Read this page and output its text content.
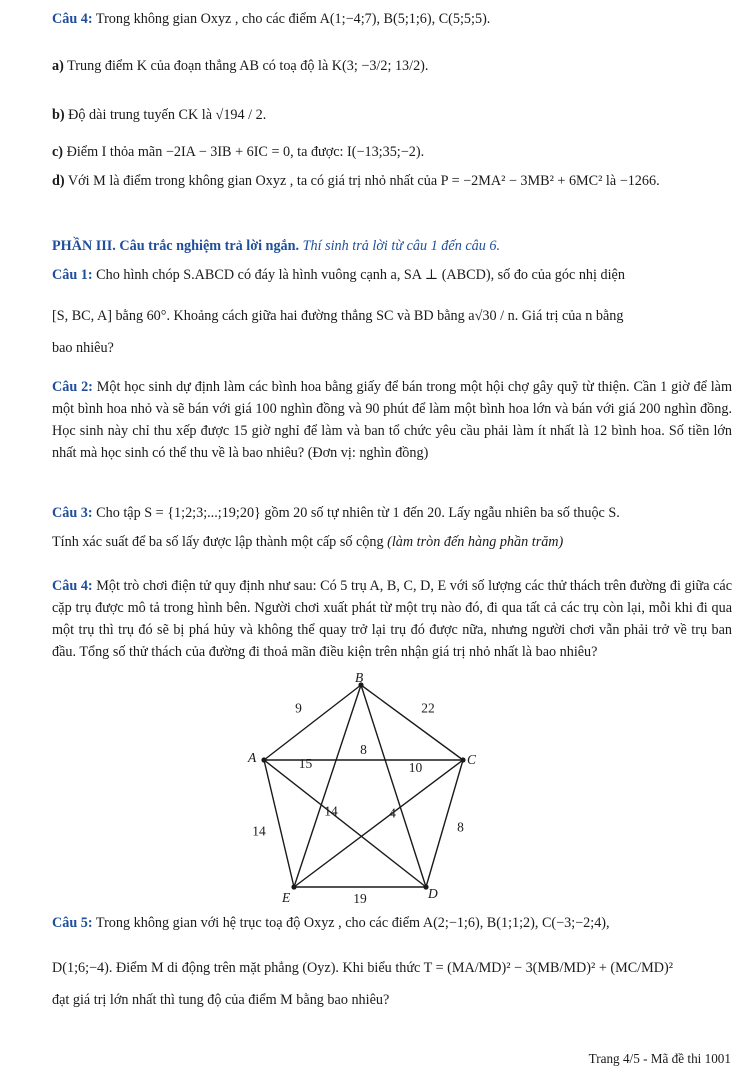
Câu 4: Trong không gian Oxyz , cho các điểm A(1;−4;7), B(5;1;6), C(5;5;5).

a) Trung điểm K của đoạn thẳng AB có toạ độ là K(3; −3/2; 13/2).

b) Độ dài trung tuyến CK là √194 / 2.

c) Điểm I thỏa mãn −2IA − 3IB + 6IC = 0, ta được: I(−13;35;−2).

d) Với M là điểm trong không gian Oxyz , ta có giá trị nhỏ nhất của P = −2MA² − 3MB² + 6MC² là −1266.

PHẦN III. Câu trắc nghiệm trả lời ngắn. Thí sinh trả lời từ câu 1 đến câu 6.

Câu 1: Cho hình chóp S.ABCD có đáy là hình vuông cạnh a, SA ⊥ (ABCD), số đo của góc nhị diện

[S, BC, A] bằng 60°. Khoảng cách giữa hai đường thẳng SC và BD bằng a√30 / n. Giá trị của n bằng

bao nhiêu?

Câu 2: Một học sinh dự định làm các bình hoa bằng giấy để bán trong một hội chợ gây quỹ từ thiện. Cần 1 giờ để làm một bình hoa nhỏ và sẽ bán với giá 100 nghìn đồng và 90 phút để làm một bình hoa lớn và bán với giá 200 nghìn đồng. Học sinh này chỉ thu xếp được 15 giờ nghỉ để làm và ban tổ chức yêu cầu phải làm ít nhất là 12 bình hoa. Số tiền lớn nhất mà học sinh có thể thu về là bao nhiêu? (Đơn vị: nghìn đồng)

Câu 3: Cho tập S = {1;2;3;...;19;20} gồm 20 số tự nhiên từ 1 đến 20. Lấy ngẫu nhiên ba số thuộc S.

Tính xác suất để ba số lấy được lập thành một cấp số cộng (làm tròn đến hàng phần trăm)

Câu 4: Một trò chơi điện tử quy định như sau: Có 5 trụ A, B, C, D, E với số lượng các thử thách trên đường đi giữa các cặp trụ được mô tả trong hình bên. Người chơi xuất phát từ một trụ nào đó, đi qua tất cả các trụ còn lại, mỗi khi đi qua một trụ thì trụ đó sẽ bị phá hủy và không thể quay trở lại trụ đó được nữa, nhưng người chơi vẫn phải trở về trụ ban đầu. Tổng số thử thách của đường đi thoả mãn điều kiện trên nhận giá trị nhỏ nhất là bao nhiêu?

9	22
8
14	8
19
15	10
14	4
A
B
C
D
E

Câu 5: Trong không gian với hệ trục toạ độ Oxyz , cho các điểm A(2;−1;6), B(1;1;2), C(−3;−2;4),

D(1;6;−4). Điểm M di động trên mặt phẳng (Oyz). Khi biểu thức T = (MA/MD)² − 3(MB/MD)² + (MC/MD)²

đạt giá trị lớn nhất thì tung độ của điểm M bằng bao nhiêu?

Trang 4/5 - Mã đề thi 1001
